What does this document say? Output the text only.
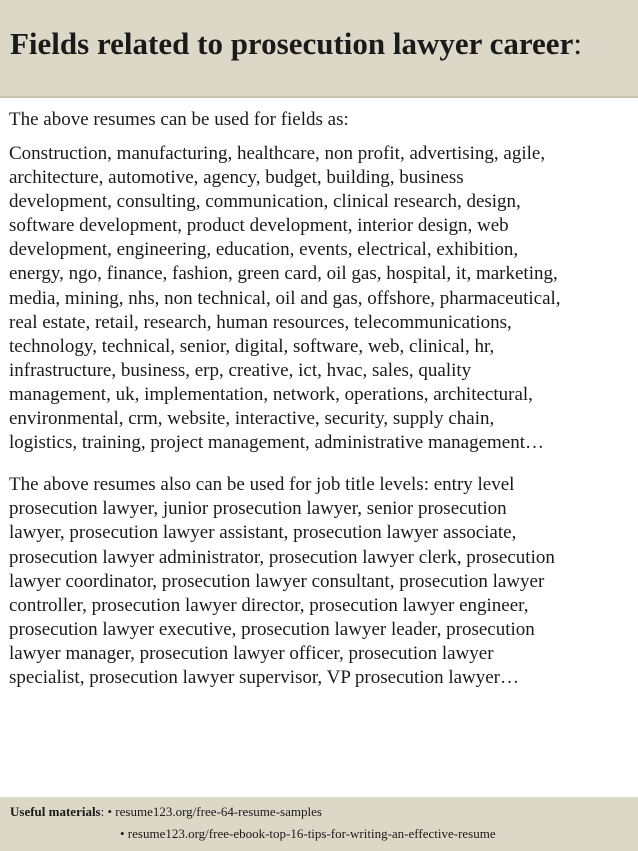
Fields related to prosecution lawyer career:

The above resumes can be used for fields as:

Construction, manufacturing, healthcare, non profit, advertising, agile,
architecture, automotive, agency, budget, building, business
development, consulting, communication, clinical research, design,
software development, product development, interior design, web
development, engineering, education, events, electrical, exhibition,
energy, ngo, finance, fashion, green card, oil gas, hospital, it, marketing,
media, mining, nhs, non technical, oil and gas, offshore, pharmaceutical,
real estate, retail, research, human resources, telecommunications,
technology, technical, senior, digital, software, web, clinical, hr,
infrastructure, business, erp, creative, ict, hvac, sales, quality
management, uk, implementation, network, operations, architectural,
environmental, crm, website, interactive, security, supply chain,
logistics, training, project management, administrative management…

The above resumes also can be used for job title levels: entry level
prosecution lawyer, junior prosecution lawyer, senior prosecution
lawyer, prosecution lawyer assistant, prosecution lawyer associate,
prosecution lawyer administrator, prosecution lawyer clerk, prosecution
lawyer coordinator, prosecution lawyer consultant, prosecution lawyer
controller, prosecution lawyer director, prosecution lawyer engineer,
prosecution lawyer executive, prosecution lawyer leader, prosecution
lawyer manager, prosecution lawyer officer, prosecution lawyer
specialist, prosecution lawyer supervisor, VP prosecution lawyer…

Useful materials: • resume123.org/free-64-resume-samples
• resume123.org/free-ebook-top-16-tips-for-writing-an-effective-resume
